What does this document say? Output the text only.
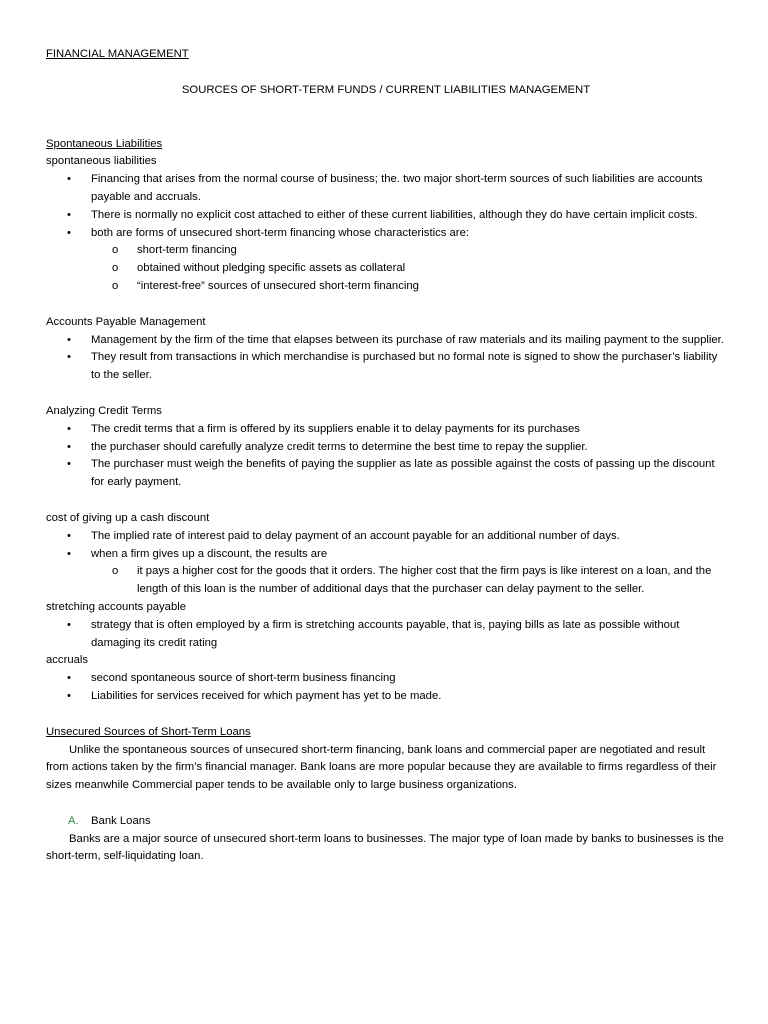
FINANCIAL MANAGEMENT

SOURCES OF SHORT-TERM FUNDS / CURRENT LIABILITIES MANAGEMENT

Spontaneous Liabilities

spontaneous liabilities

• Financing that arises from the normal course of business; the. two major short-term sources of such liabilities are accounts payable and accruals.
• There is normally no explicit cost attached to either of these current liabilities, although they do have certain implicit costs.
• both are forms of unsecured short-term financing whose characteristics are:
o short-term financing
o obtained without pledging specific assets as collateral
o “interest-free” sources of unsecured short-term financing

Accounts Payable Management

• Management by the firm of the time that elapses between its purchase of raw materials and its mailing payment to the supplier.
• They result from transactions in which merchandise is purchased but no formal note is signed to show the purchaser’s liability to the seller.

Analyzing Credit Terms

• The credit terms that a firm is offered by its suppliers enable it to delay payments for its purchases
• the purchaser should carefully analyze credit terms to determine the best time to repay the supplier.
• The purchaser must weigh the benefits of paying the supplier as late as possible against the costs of passing up the discount for early payment.

cost of giving up a cash discount

• The implied rate of interest paid to delay payment of an account payable for an additional number of days.
• when a firm gives up a discount, the results are
o it pays a higher cost for the goods that it orders. The higher cost that the firm pays is like interest on a loan, and the length of this loan is the number of additional days that the purchaser can delay payment to the seller.

stretching accounts payable

• strategy that is often employed by a firm is stretching accounts payable, that is, paying bills as late as possible without damaging its credit rating

accruals

• second spontaneous source of short-term business financing
• Liabilities for services received for which payment has yet to be made.

Unsecured Sources of Short-Term Loans

Unlike the spontaneous sources of unsecured short-term financing, bank loans and commercial paper are negotiated and result from actions taken by the firm’s financial manager. Bank loans are more popular because they are available to firms regardless of their sizes meanwhile Commercial paper tends to be available only to large business organizations.

A. Bank Loans

Banks are a major source of unsecured short-term loans to businesses. The major type of loan made by banks to businesses is the short-term, self-liquidating loan.
